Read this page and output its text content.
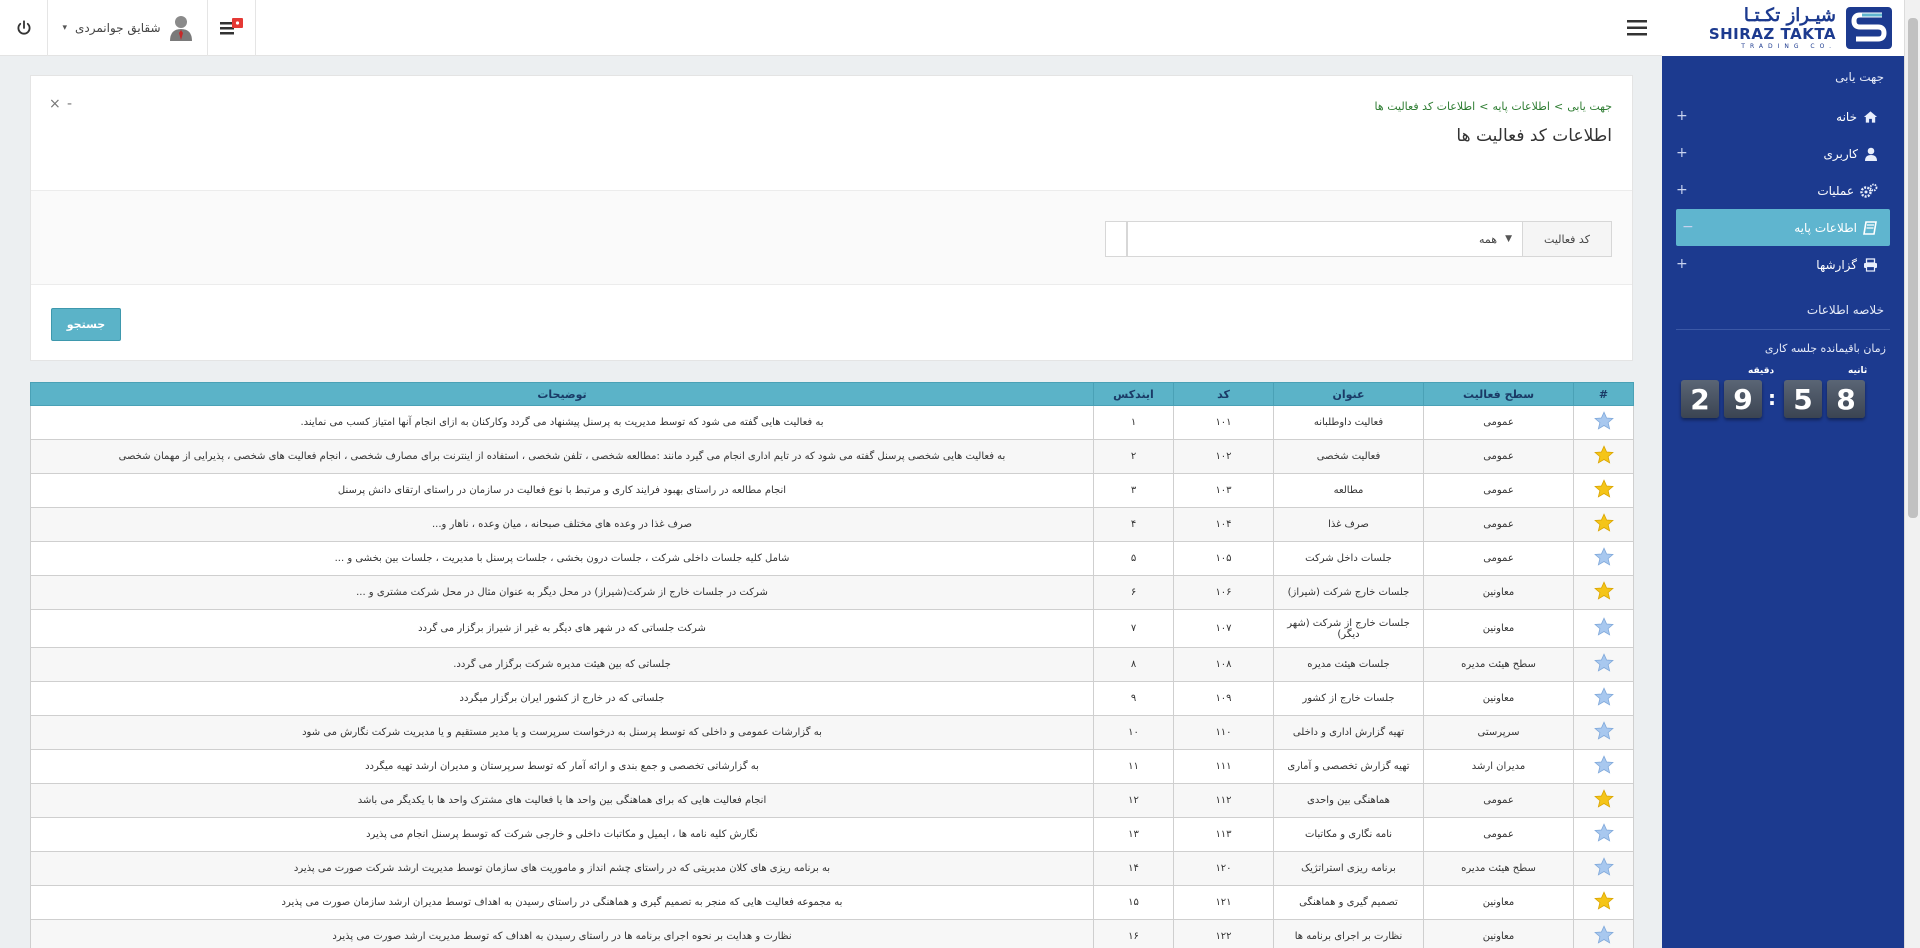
شقایق جوانمردی
▾
شیـراز تکـتـا
SHIRAZ TAKTA
TRADING CO.
جهت یابی
خانه
+
کاربری
+
عملیات
+
اطلاعات پایه
−
گزارشها
+
خلاصه اطلاعات
زمان باقیمانده جلسه کاری
دقیقه	ثانیه
2 9 : 5 8
جهت یابی
>
اطلاعات پایه
>
اطلاعات کد فعالیت ها
اطلاعات کد فعالیت ها
× -
کد فعالیت
▼
همه
جستجو
#	سطح فعالیت	عنوان	کد	ایندکس	توضیحات
	عمومی	فعالیت داوطلبانه	۱۰۱	۱	به فعالیت هایی گفته می شود که توسط مدیریت به پرسنل پیشنهاد می گردد وکارکنان به ازای انجام آنها امتیاز کسب می نمایند.
	عمومی	فعالیت شخصی	۱۰۲	۲	به فعالیت هایی شخصی پرسنل گفته می شود که در تایم اداری انجام می گیرد مانند :مطالعه شخصی ، تلفن شخصی ، استفاده از اینترنت برای مصارف شخصی ، انجام فعالیت های شخصی ، پذیرایی از مهمان شخصی
	عمومی	مطالعه	۱۰۳	۳	انجام مطالعه در راستای بهبود فرایند کاری و مرتبط با نوع فعالیت در سازمان در راستای ارتقای دانش پرسنل
	عمومی	صرف غذا	۱۰۴	۴	صرف غذا در وعده های مختلف صبحانه ، میان وعده ، ناهار و...
	عمومی	جلسات داخل شرکت	۱۰۵	۵	شامل کلیه جلسات داخلی شرکت ، جلسات درون بخشی ، جلسات پرسنل با مدیریت ، جلسات بین بخشی و ...
	معاونین	جلسات خارج شرکت (شیراز)	۱۰۶	۶	شرکت در جلسات خارج از شرکت(شیراز) در محل دیگر به عنوان مثال در محل شرکت مشتری و ...
	معاونین	جلسات خارج از شرکت (شهر دیگر)	۱۰۷	۷	شرکت جلساتی که در شهر های دیگر به غیر از شیراز برگزار می گردد
	سطح هیئت مدیره	جلسات هیئت مدیره	۱۰۸	۸	جلساتی که بین هیئت مدیره شرکت برگزار می گردد.
	معاونین	جلسات خارج از کشور	۱۰۹	۹	جلساتی که در خارج از کشور ایران برگزار میگردد
	سرپرستی	تهیه گزارش اداری و داخلی	۱۱۰	۱۰	به گزارشات عمومی و داخلی که توسط پرسنل به درخواست سرپرست و یا مدیر مستقیم و یا مدیریت شرکت نگارش می شود
	مدیران ارشد	تهیه گزارش تخصصی و آماری	۱۱۱	۱۱	به گزارشاتی تخصصی و جمع بندی و ارائه آمار که توسط سرپرستان و مدیران ارشد تهیه میگردد
	عمومی	هماهنگی بین واحدی	۱۱۲	۱۲	انجام فعالیت هایی که برای هماهنگی بین واحد ها یا فعالیت های مشترک واحد ها با یکدیگر می باشد
	عمومی	نامه نگاری و مکاتبات	۱۱۳	۱۳	نگارش کلیه نامه ها ، ایمیل و مکاتبات داخلی و خارجی شرکت که توسط پرسنل انجام می پذیرد
	سطح هیئت مدیره	برنامه ریزی استراتژیک	۱۲۰	۱۴	به برنامه ریزی های کلان مدیریتی که در راستای چشم انداز و ماموریت های سازمان توسط مدیریت ارشد شرکت صورت می پذیرد
	معاونین	تصمیم گیری و هماهنگی	۱۲۱	۱۵	به مجموعه فعالیت هایی که منجر به تصمیم گیری و هماهنگی در راستای رسیدن به اهداف توسط مدیران ارشد سازمان صورت می پذیرد
	معاونین	نظارت بر اجرای برنامه ها	۱۲۲	۱۶	نظارت و هدایت بر نحوه اجرای برنامه ها در راستای رسیدن به اهداف که توسط مدیریت ارشد صورت می پذیرد
